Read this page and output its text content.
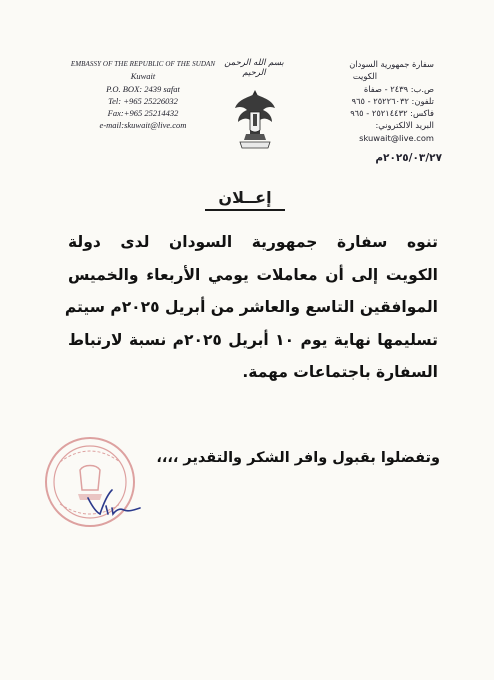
EMBASSY OF THE REPUBLIC OF THE SUDAN
Kuwait
P.O. BOX: 2439 safat
Tel: +965 25226032
Fax:+965 25214432
e-mail:skuwait@live.com
بسم الله الرحمن الرحيم
سفارة جمهورية السودان
الكويت
ص.ب: ٢٤٣٩ - صفاة
تلفون: ٢٥٢٢٦٠٣٢ - ٩٦٥
فاكس: ٢٥٢١٤٤٣٢ - ٩٦٥
البريد الالكتروني: skuwait@live.com
٢٠٢٥/٠٣/٢٧م
إعــلان
تنوه سفارة جمهورية السودان لدى دولة
الكويت إلى أن معاملات يومي الأربعاء والخميس
الموافقين التاسع والعاشر من أبريل ٢٠٢٥م سيتم
تسليمها نهاية يوم ١٠ أبريل ٢٠٢٥م نسبة لارتباط
السفارة باجتماعات مهمة.
وتفضلوا بقبول وافر الشكر والتقدير ،،،،
